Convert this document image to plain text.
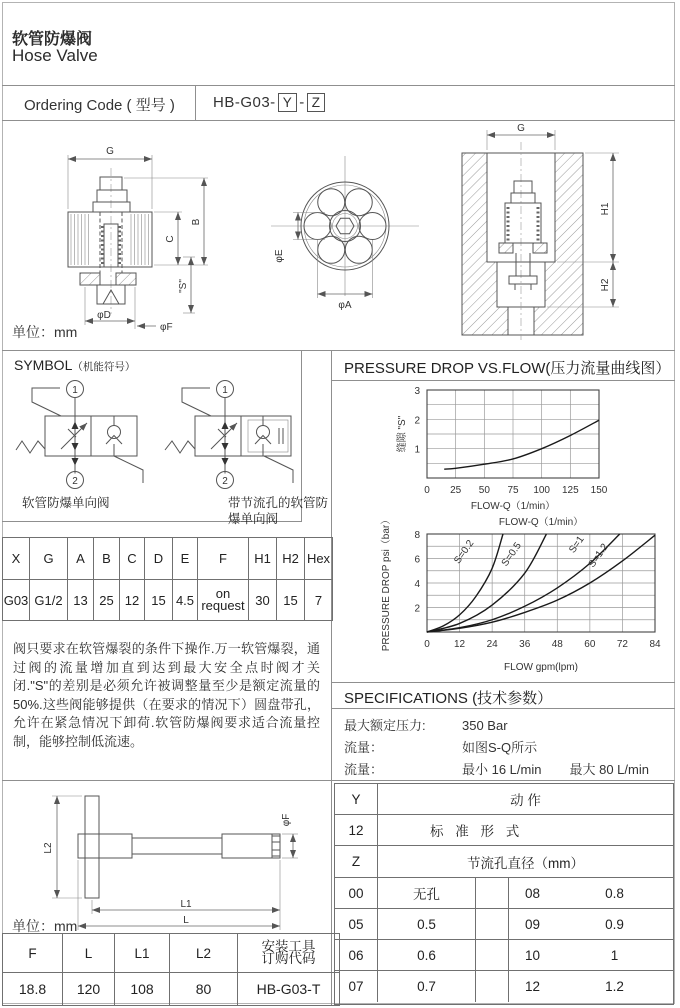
软管防爆阀
Hose Valve
Ordering Code ( 型号 )	HB-G03- Y - Z
G
B
C
"S"
φD
φF
φE
φA
G
H1
H2
单位：mm
SYMBOL（机能符号）
1
2
1
2
软管防爆单向阀	带节流孔的软管防爆单向阀
X	G	A	B	C	D	E	F	H1	H2	Hex
G03	G1/2	13	25	12	15	4.5	on request	30	15	7
阀只要求在软管爆裂的条件下操作.万一软管爆裂，通过阀的流量增加直到达到最大安全点时阀才关闭."S"的差别是必须允许被调整量至少是额定流量的50%.这些阀能够提供（在要求的情况下）圆盘带孔，允许在紧急情况下卸荷.软管防爆阀要求适合流量控制，能够控制低流速。
PRESSURE DROP VS.FLOW(压力流量曲线图）
0 25 50 75 100 125 150
1
2
3
FLOW-Q（1/min）
缝隙 "S"
0 12 24 36 48 60 72 84
2
4
6
8
FLOW gpm(lpm)
FLOW-Q（1/min）
PRESSURE DROP psi（bar）	S=0.2 S=0.5	S=1 S=1.2
SPECIFICATIONS (技术参数）
最大额定压力:	350 Bar
流量：	如图S-Q所示
流量：	最小 16 L/min 最大 80 L/min
L2
φF
L1
L
单位：mm
F	L	L1	L2	安装工具
订购代码

18.8	120	108	80	HB-G03-T
Y	动 作
12	标 准 形 式
Z	节流孔直径（mm）
00	无孔	08	0.8
05	0.5	09	0.9
06	0.6	10	1
07	0.7	12	1.2
